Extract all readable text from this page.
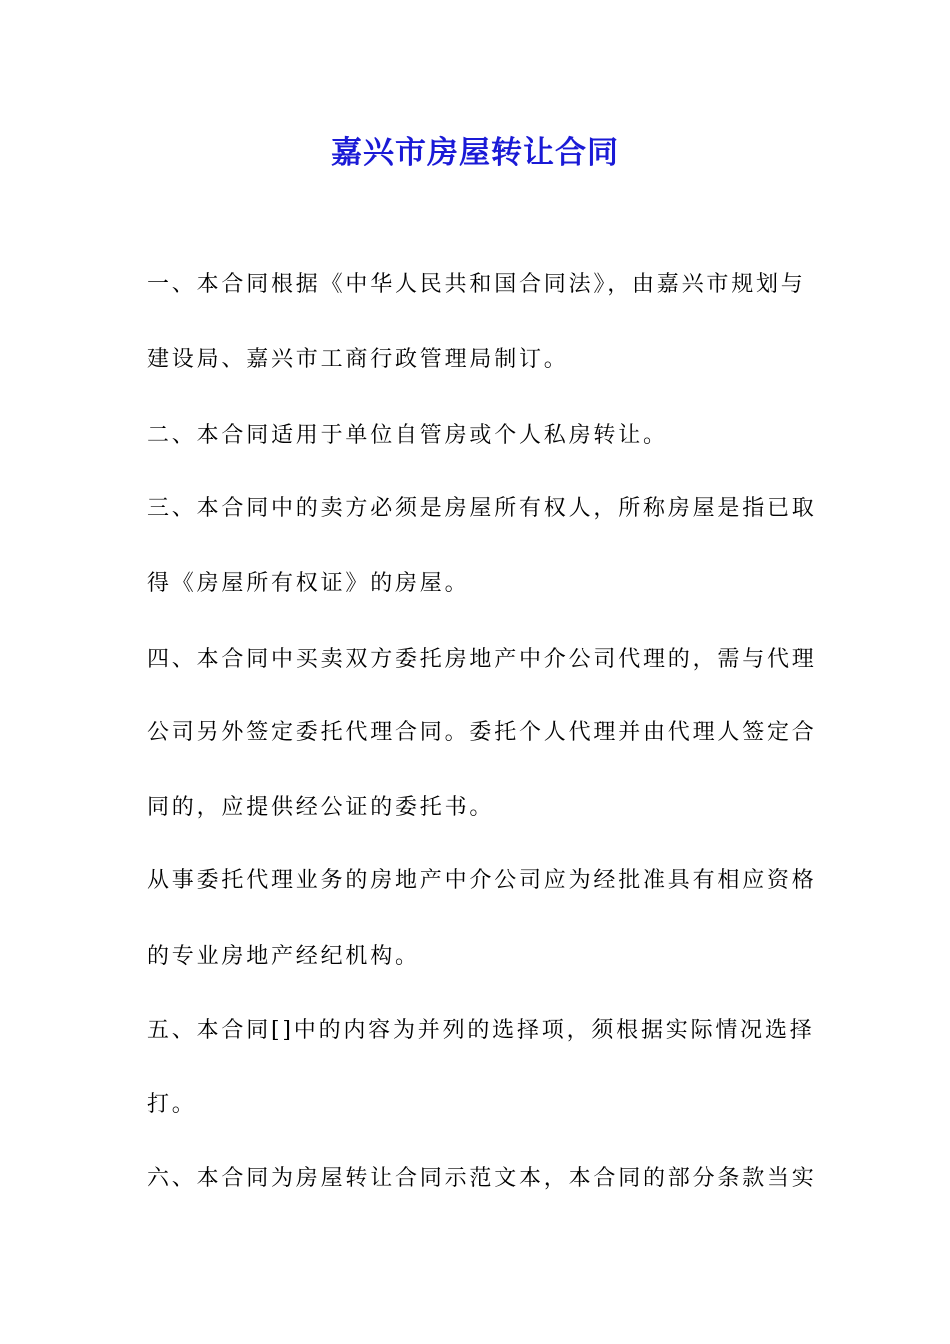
嘉兴市房屋转让合同

一、本合同根据《中华人民共和国合同法》，由嘉兴市规划与

建设局、嘉兴市工商行政管理局制订。

二、本合同适用于单位自管房或个人私房转让。

三、本合同中的卖方必须是房屋所有权人，所称房屋是指已取

得《房屋所有权证》的房屋。

四、本合同中买卖双方委托房地产中介公司代理的，需与代理

公司另外签定委托代理合同。委托个人代理并由代理人签定合

同的，应提供经公证的委托书。

从事委托代理业务的房地产中介公司应为经批准具有相应资格

的专业房地产经纪机构。

五、本合同[]中的内容为并列的选择项，须根据实际情况选择

打。

六、本合同为房屋转让合同示范文本，本合同的部分条款当实
